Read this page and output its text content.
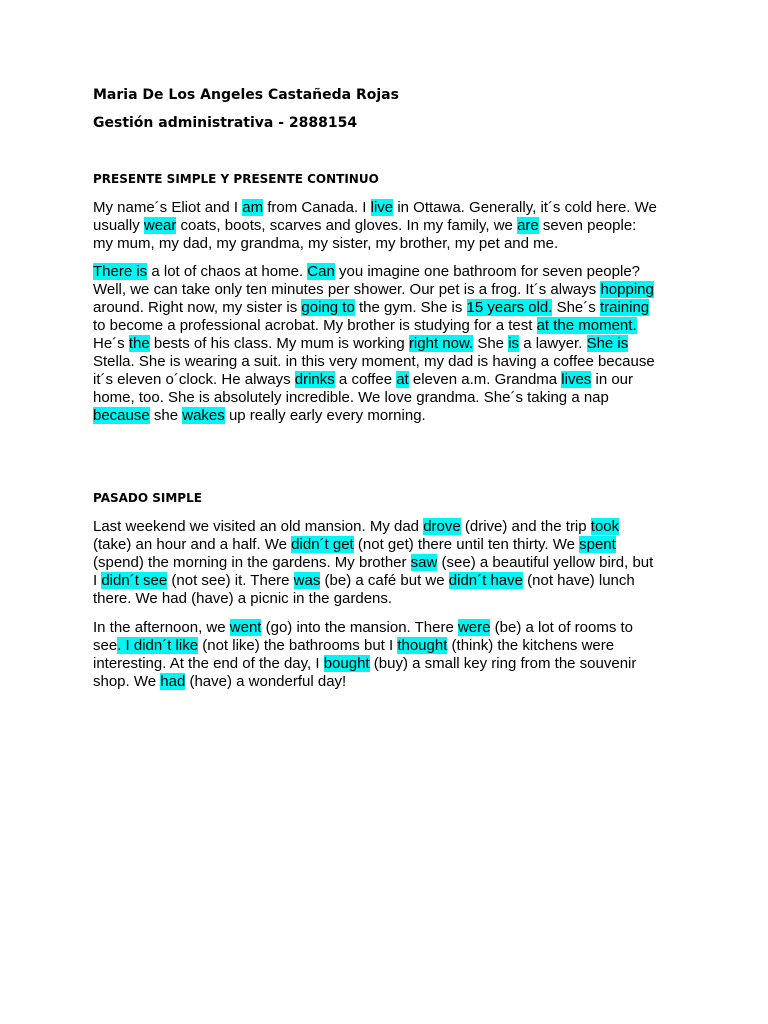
Maria De Los Angeles Castañeda Rojas

Gestión administrativa - 2888154

PRESENTE SIMPLE Y PRESENTE CONTINUO
My name´s Eliot and I am from Canada. I live in Ottawa. Generally, it´s cold here. We
usually wear coats, boots, scarves and gloves. In my family, we are seven people:
my mum, my dad, my grandma, my sister, my brother, my pet and me.
There is a lot of chaos at home. Can you imagine one bathroom for seven people?
Well, we can take only ten minutes per shower. Our pet is a frog. It´s always hopping
around. Right now, my sister is going to the gym. She is 15 years old. She´s training
to become a professional acrobat. My brother is studying for a test at the moment.
He´s the bests of his class. My mum is working right now. She is a lawyer. She is
Stella. She is wearing a suit. in this very moment, my dad is having a coffee because
it´s eleven o´clock. He always drinks a coffee at eleven a.m. Grandma lives in our
home, too. She is absolutely incredible. We love grandma. She´s taking a nap
because she wakes up really early every morning.
PASADO SIMPLE
Last weekend we visited an old mansion. My dad drove (drive) and the trip took
(take) an hour and a half. We didn´t get (not get) there until ten thirty. We spent
(spend) the morning in the gardens. My brother saw (see) a beautiful yellow bird, but
I didn´t see (not see) it. There was (be) a café but we didn´t have (not have) lunch
there. We had (have) a picnic in the gardens.
In the afternoon, we went (go) into the mansion. There were (be) a lot of rooms to
see. I didn´t like (not like) the bathrooms but I thought (think) the kitchens were
interesting. At the end of the day, I bought (buy) a small key ring from the souvenir
shop. We had (have) a wonderful day!
